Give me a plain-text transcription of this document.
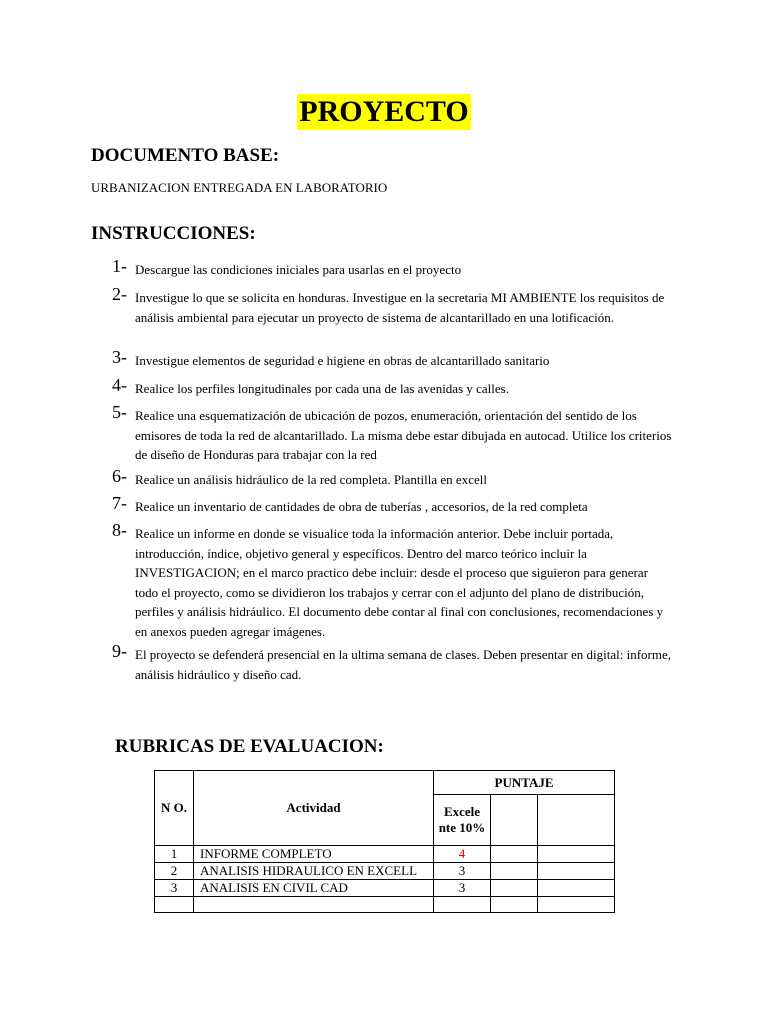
PROYECTO
DOCUMENTO BASE:
URBANIZACION ENTREGADA EN LABORATORIO
INSTRUCCIONES:
1- Descargue las condiciones iniciales para usarlas en el proyecto
2- Investigue lo que se solicita en honduras. Investigue en la secretaria MI AMBIENTE los requisitos de análisis ambiental para ejecutar un proyecto de sistema de alcantarillado en una lotificación.
3- Investigue elementos de seguridad e higiene en obras de alcantarillado sanitario
4- Realice los perfiles longitudinales por cada una de las avenidas y calles.
5- Realice una esquematización de ubicación de pozos, enumeración, orientación del sentido de los emisores de toda la red de alcantarillado. La misma debe estar dibujada en autocad. Utilice los criterios de diseño de Honduras para trabajar con la red
6- Realice un análisis hidráulico de la red completa. Plantilla en excell
7- Realice un inventario de cantidades de obra de tuberías , accesorios, de la red completa
8- Realice un informe en donde se visualice toda la información anterior. Debe incluir portada, introducción, índice, objetivo general y específicos. Dentro del marco teórico incluir la INVESTIGACION; en el marco practico debe incluir: desde el proceso que siguieron para generar todo el proyecto, como se dividieron los trabajos y cerrar con el adjunto del plano de distribución, perfiles y análisis hidráulico. El documento debe contar al final con conclusiones, recomendaciones y en anexos pueden agregar imágenes.
9- El proyecto se defenderá presencial en la ultima semana de clases. Deben presentar en digital: informe, análisis hidráulico y diseño cad.
RUBRICAS DE EVALUACION:
N O.	Actividad	PUNTAJE		
		Excele nte 10%		
1	INFORME COMPLETO	4		
2	ANALISIS HIDRAULICO EN EXCELL	3		
3	ANALISIS EN CIVIL CAD	3		
